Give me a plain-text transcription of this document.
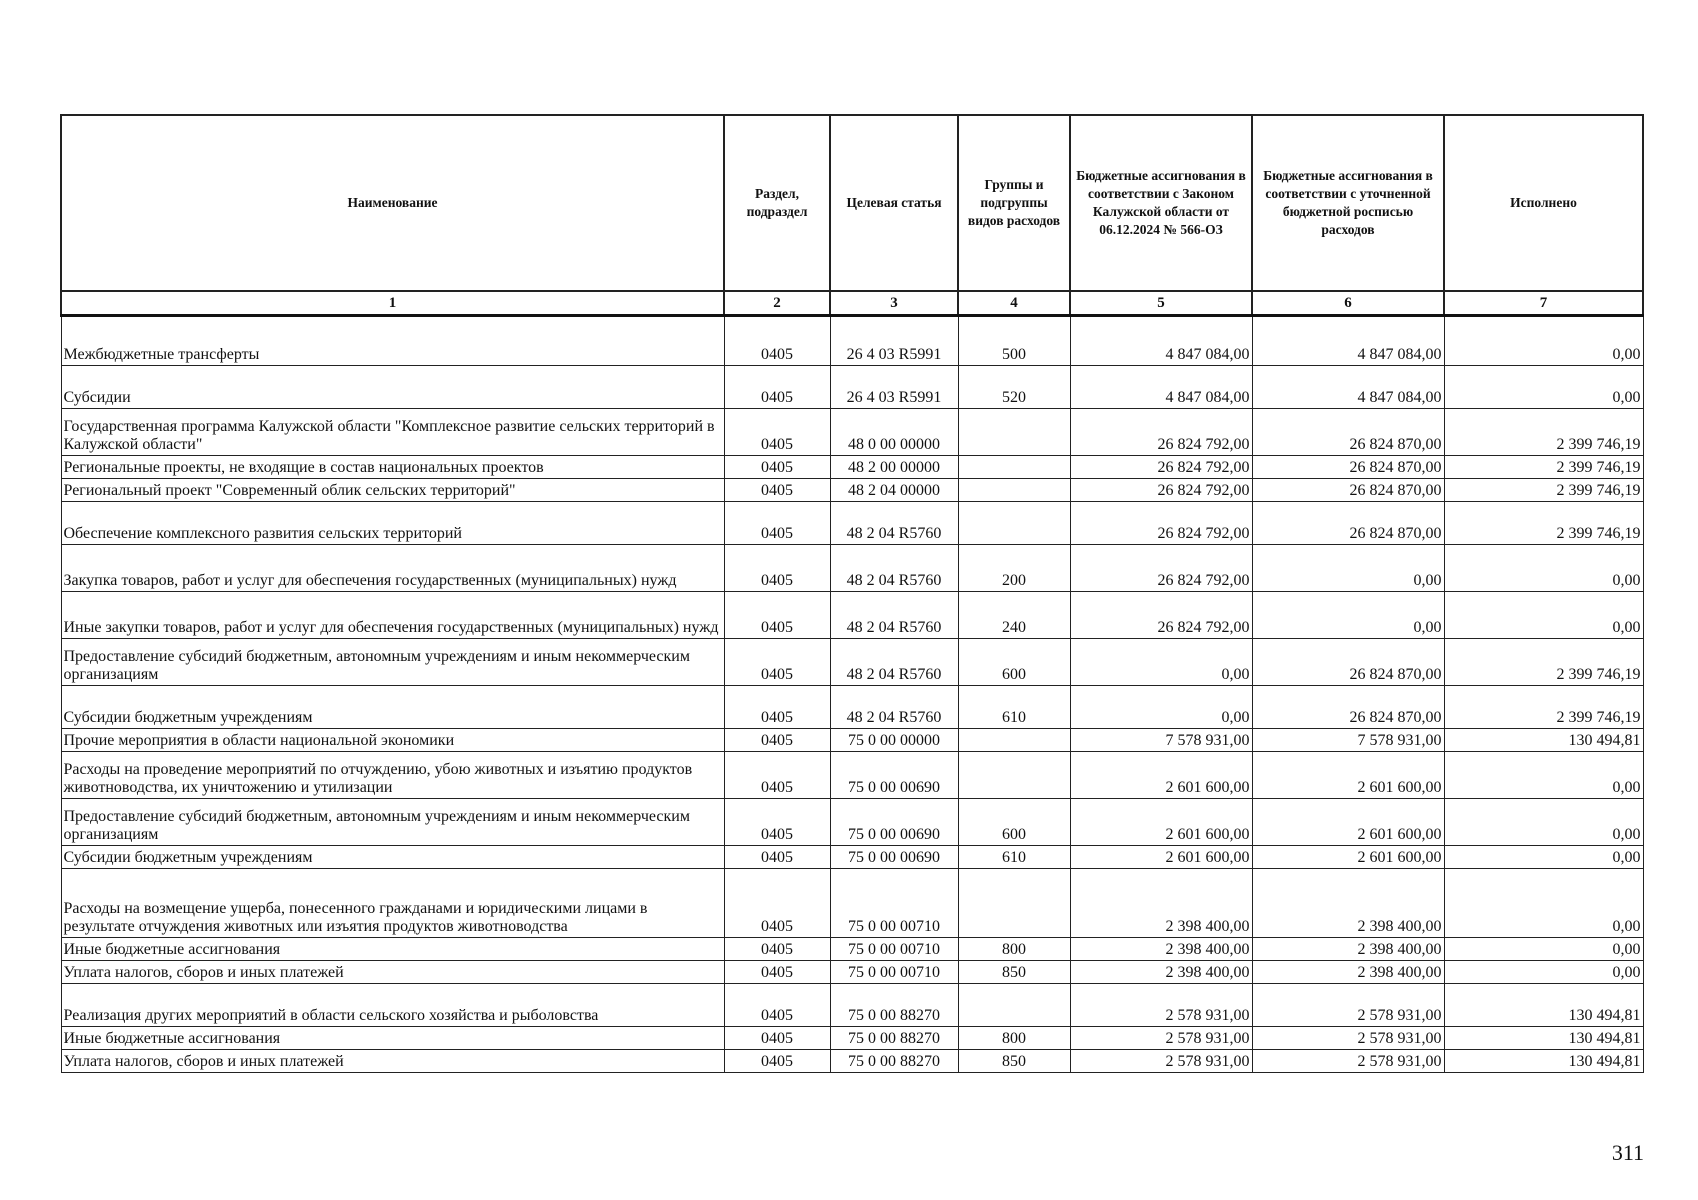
Наименование	Раздел, подраздел	Целевая статья	Группы и подгруппы видов расходов	Бюджетные ассигнования в соответствии с Законом Калужской области от 06.12.2024 № 566-ОЗ	Бюджетные ассигнования в соответствии с уточненной бюджетной росписью расходов	Исполнено
1	2	3	4	5	6	7
Межбюджетные трансферты	0405	26 4 03 R5991	500	4 847 084,00	4 847 084,00	0,00
Субсидии	0405	26 4 03 R5991	520	4 847 084,00	4 847 084,00	0,00
Государственная программа Калужской области "Комплексное развитие сельских территорий в Калужской области"	0405	48 0 00 00000		26 824 792,00	26 824 870,00	2 399 746,19
Региональные проекты, не входящие в состав национальных проектов	0405	48 2 00 00000		26 824 792,00	26 824 870,00	2 399 746,19
Региональный проект "Современный облик сельских территорий"	0405	48 2 04 00000		26 824 792,00	26 824 870,00	2 399 746,19
Обеспечение комплексного развития сельских территорий	0405	48 2 04 R5760		26 824 792,00	26 824 870,00	2 399 746,19
Закупка товаров, работ и услуг для обеспечения государственных (муниципальных) нужд	0405	48 2 04 R5760	200	26 824 792,00	0,00	0,00
Иные закупки товаров, работ и услуг для обеспечения государственных (муниципальных) нужд	0405	48 2 04 R5760	240	26 824 792,00	0,00	0,00
Предоставление субсидий бюджетным, автономным учреждениям и иным некоммерческим организациям	0405	48 2 04 R5760	600	0,00	26 824 870,00	2 399 746,19
Субсидии бюджетным учреждениям	0405	48 2 04 R5760	610	0,00	26 824 870,00	2 399 746,19
Прочие мероприятия в области национальной экономики	0405	75 0 00 00000		7 578 931,00	7 578 931,00	130 494,81
Расходы на проведение мероприятий по отчуждению, убою животных и изъятию продуктов животноводства, их уничтожению и утилизации	0405	75 0 00 00690		2 601 600,00	2 601 600,00	0,00
Предоставление субсидий бюджетным, автономным учреждениям и иным некоммерческим организациям	0405	75 0 00 00690	600	2 601 600,00	2 601 600,00	0,00
Субсидии бюджетным учреждениям	0405	75 0 00 00690	610	2 601 600,00	2 601 600,00	0,00
Расходы на возмещение ущерба, понесенного гражданами и юридическими лицами в результате отчуждения животных или изъятия продуктов животноводства	0405	75 0 00 00710		2 398 400,00	2 398 400,00	0,00
Иные бюджетные ассигнования	0405	75 0 00 00710	800	2 398 400,00	2 398 400,00	0,00
Уплата налогов, сборов и иных платежей	0405	75 0 00 00710	850	2 398 400,00	2 398 400,00	0,00
Реализация других мероприятий в области сельского хозяйства и рыболовства	0405	75 0 00 88270		2 578 931,00	2 578 931,00	130 494,81
Иные бюджетные ассигнования	0405	75 0 00 88270	800	2 578 931,00	2 578 931,00	130 494,81
Уплата налогов, сборов и иных платежей	0405	75 0 00 88270	850	2 578 931,00	2 578 931,00	130 494,81
311
